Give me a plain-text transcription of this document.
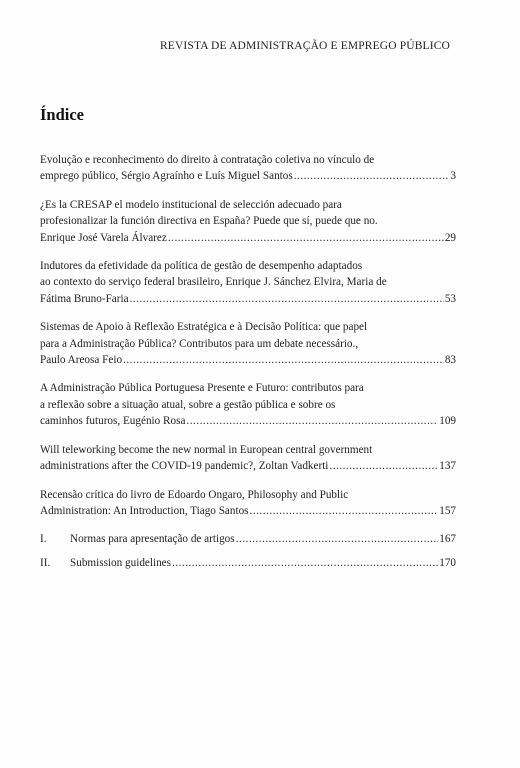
REVISTA DE ADMINISTRAÇÃO E EMPREGO PÚBLICO
Índice
Evolução e reconhecimento do direito à contratação coletiva no vínculo de
emprego público, Sérgio Agraínho e Luís Miguel Santos .....	3
¿Es la CRESAP el modelo institucional de selección adecuado para
profesionalizar la función directiva en España? Puede que sí, puede que no.
Enrique José Varela Álvarez .....	29
Indutores da efetividade da política de gestão de desempenho adaptados
ao contexto do serviço federal brasileiro, Enrique J. Sánchez Elvira, Maria de
Fátima Bruno-Faria .....	53
Sistemas de Apoio à Reflexão Estratégica e à Decisão Política: que papel
para a Administração Pública? Contributos para um debate necessário.,
Paulo Areosa Feio .....	83
A Administração Pública Portuguesa Presente e Futuro: contributos para
a reflexão sobre a situação atual, sobre a gestão pública e sobre os
caminhos futuros, Eugénio Rosa .....	109
Will teleworking become the new normal in European central government
administrations after the COVID-19 pandemic?, Zoltan Vadkerti .....	137
Recensão crítica do livro de Edoardo Ongaro, Philosophy and Public
Administration: An Introduction, Tiago Santos .....	157
I.	Normas para apresentação de artigos .....	167
II.	Submission guidelines .....	170
